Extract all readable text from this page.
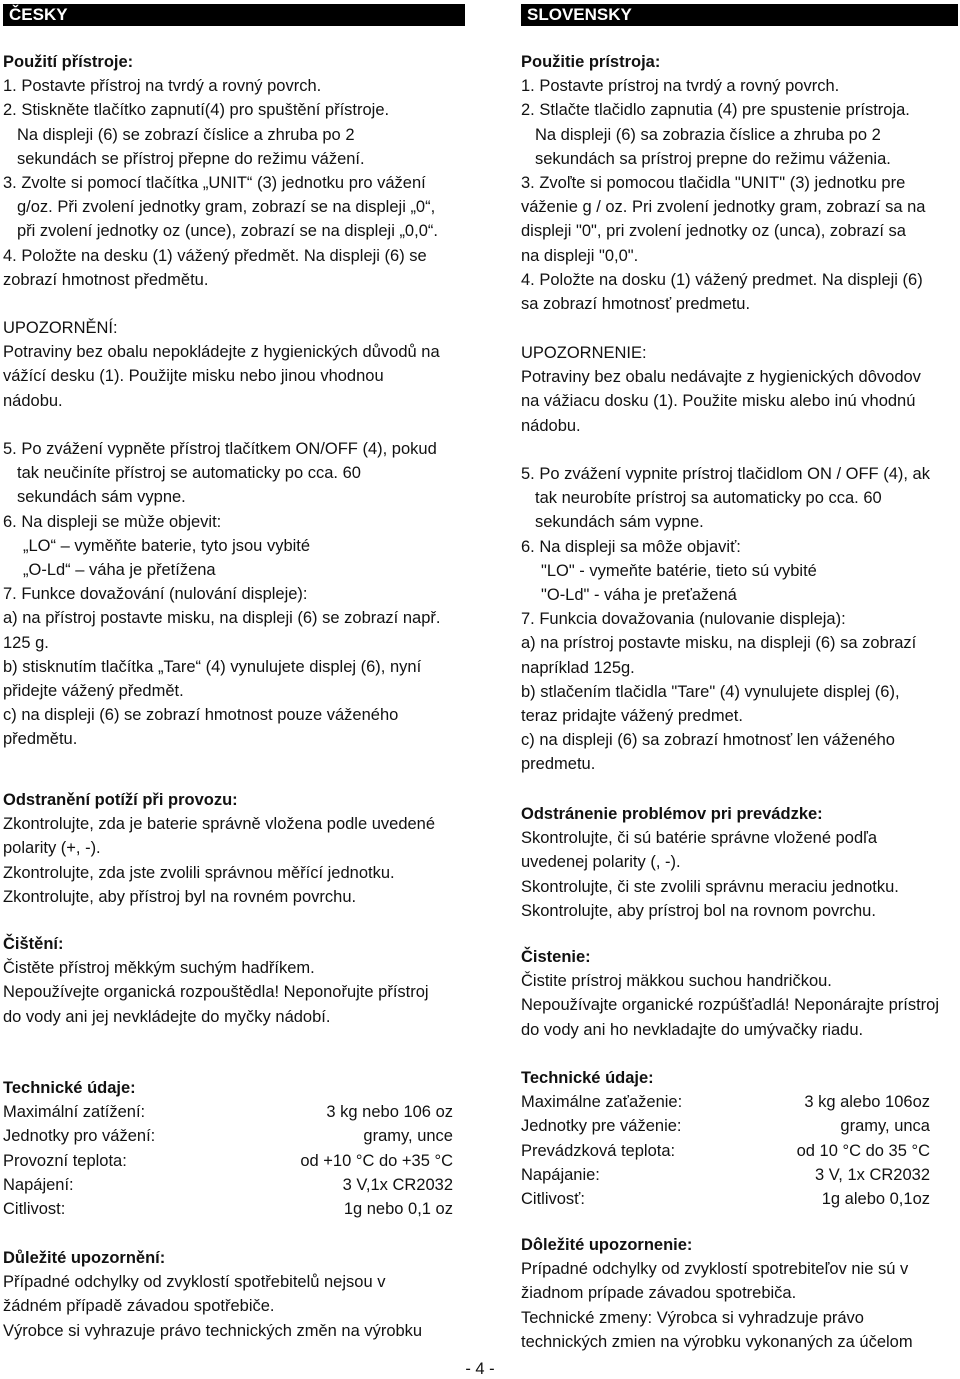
ČESKY
Použití přístroje:
1. Postavte přístroj na tvrdý a rovný povrch.
2. Stiskněte tlačítko zapnutí(4) pro spuštění přístroje.
Na displeji (6) se zobrazí číslice a zhruba po 2
sekundách se přístroj přepne do režimu vážení.
3. Zvolte si pomocí tlačítka „UNIT“ (3) jednotku pro vážení
g/oz. Při zvolení jednotky gram, zobrazí se na displeji „0“,
při zvolení jednotky oz (unce), zobrazí se na displeji „0,0“.
4. Položte na desku (1) vážený předmět. Na displeji (6) se
zobrazí hmotnost předmětu.
UPOZORNĚNÍ:
Potraviny bez obalu nepokládejte z hygienických důvodů na
vážící desku (1). Použijte misku nebo jinou vhodnou
nádobu.
5. Po zvážení vypněte přístroj tlačítkem ON/OFF (4), pokud
tak neučiníte přístroj se automaticky po cca. 60
sekundách sám vypne.
6. Na displeji se mùže objevit:
„LO“ – vyměňte baterie, tyto jsou vybité
„O-Ld“ – váha je přetížena
7. Funkce dovažování (nulování displeje):
a) na přístroj postavte misku, na displeji (6) se zobrazí např.
125 g.
b) stisknutím tlačítka „Tare“ (4) vynulujete displej (6), nyní
přidejte vážený předmět.
c) na displeji (6) se zobrazí hmotnost pouze váženého
předmětu.
Odstranění potíží při provozu:
Zkontrolujte, zda je baterie správně vložena podle uvedené
polarity (+, -).
Zkontrolujte, zda jste zvolili správnou měřící jednotku.
Zkontrolujte, aby přístroj byl na rovném povrchu.
Čištění:
Čistěte přístroj měkkým suchým hadříkem.
Nepoužívejte organická rozpouštědla! Neponořujte přístroj
do vody ani jej nevkládejte do myčky nádobí.
Technické údaje:
Maximální zatížení:	3 kg nebo 106 oz
Jednotky pro vážení:	gramy, unce
Provozní teplota:	od +10 °C do +35 °C
Napájení:	3 V,1x CR2032
Citlivost:	1g nebo 0,1 oz
Důležité upozornění:
Případné odchylky od zvyklostí spotřebitelů nejsou v
žádném případě závadou spotřebiče.
Výrobce si vyhrazuje právo technických změn na výrobku
SLOVENSKY
Použitie prístroja:
1. Postavte prístroj na tvrdý a rovný povrch.
2. Stlačte tlačidlo zapnutia (4) pre spustenie prístroja.
Na displeji (6) sa zobrazia číslice a zhruba po 2
sekundách sa prístroj prepne do režimu váženia.
3. Zvoľte si pomocou tlačidla "UNIT" (3) jednotku pre
váženie g / oz. Pri zvolení jednotky gram, zobrazí sa na
displeji "0", pri zvolení jednotky oz (unca), zobrazí sa
na displeji "0,0".
4. Položte na dosku (1) vážený predmet. Na displeji (6)
sa zobrazí hmotnosť predmetu.
UPOZORNENIE:
Potraviny bez obalu nedávajte z hygienických dôvodov
na vážiacu dosku (1). Použite misku alebo inú vhodnú
nádobu.
5. Po zvážení vypnite prístroj tlačidlom ON / OFF (4), ak
tak neurobíte prístroj sa automaticky po cca. 60
sekundách sám vypne.
6. Na displeji sa môže objaviť:
"LO" - vymeňte batérie, tieto sú vybité
"O-Ld" - váha je preťažená
7. Funkcia dovažovania (nulovanie displeja):
a) na prístroj postavte misku, na displeji (6) sa zobrazí
napríklad 125g.
b) stlačením tlačidla "Tare" (4) vynulujete displej (6),
teraz pridajte vážený predmet.
c) na displeji (6) sa zobrazí hmotnosť len váženého
predmetu.
Odstránenie problémov pri prevádzke:
Skontrolujte, či sú batérie správne vložené podľa
uvedenej polarity (, -).
Skontrolujte, či ste zvolili správnu meraciu jednotku.
Skontrolujte, aby prístroj bol na rovnom povrchu.
Čistenie:
Čistite prístroj mäkkou suchou handričkou.
Nepoužívajte organické rozpúšťadlá! Neponárajte prístroj
do vody ani ho nevkladajte do umývačky riadu.
Technické údaje:
Maximálne zaťaženie:	3 kg alebo 106oz
Jednotky pre váženie:	gramy, unca
Prevádzková teplota:	od 10 °C do 35 °C
Napájanie:	3 V, 1x CR2032
Citlivosť:	1g alebo 0,1oz
Dôležité upozornenie:
Prípadné odchylky od zvyklostí spotrebiteľov nie sú v
žiadnom prípade závadou spotrebiča.
Technické zmeny: Výrobca si vyhradzuje právo
technických zmien na výrobku vykonaných za účelom
- 4 -
